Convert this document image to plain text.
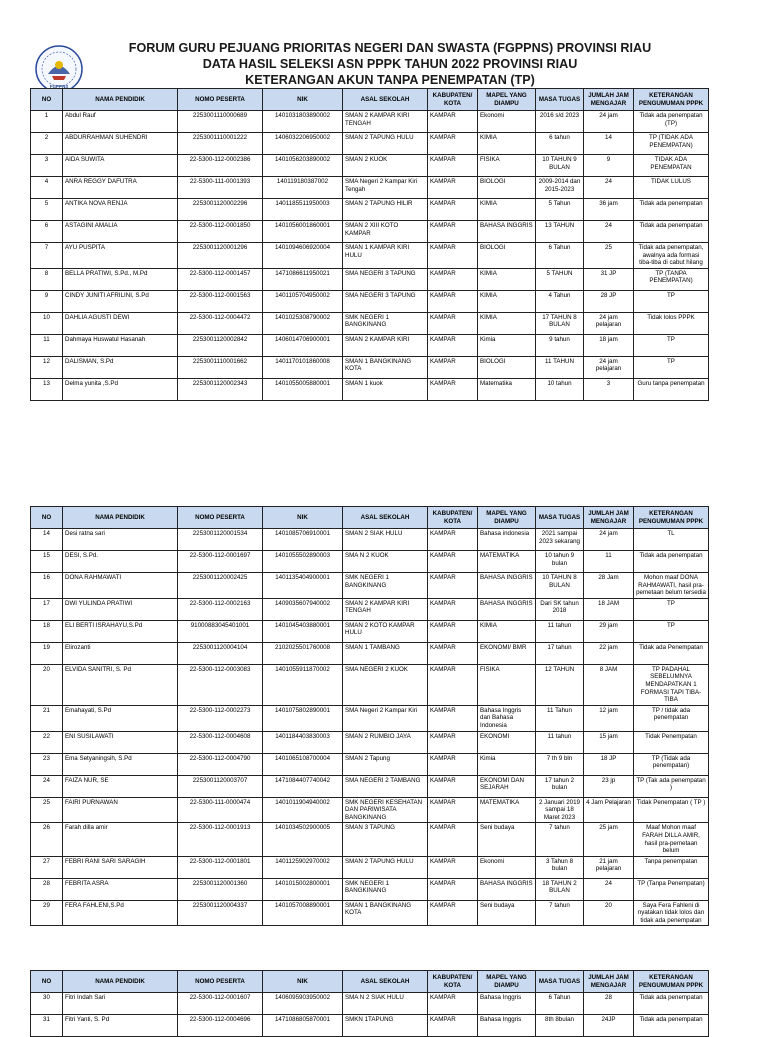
FGPPNS
FORUM GURU PEJUANG PRIORITAS NEGERI DAN SWASTA (FGPPNS) PROVINSI RIAU
DATA HASIL SELEKSI ASN PPPK TAHUN 2022 PROVINSI RIAU
KETERANGAN AKUN TANPA PENEMPATAN (TP)
NO	NAMA PENDIDIK	NOMO PESERTA	NIK	ASAL SEKOLAH	KABUPATEN/ KOTA	MAPEL YANG DIAMPU	MASA TUGAS	JUMLAH JAM MENGAJAR	KETERANGAN PENGUMUMAN PPPK
1	Abdul Rauf	2253001110000689	1401031803890002	SMAN 2 KAMPAR KIRI TENGAH	KAMPAR	Ekonomi	2016 s/d 2023	24 jam	Tidak ada penempatan (TP)
2	ABDURRAHMAN SUHENDRI	2253001110001222	1406032206950002	SMAN 2 TAPUNG HULU	KAMPAR	KIMIA	6 tahun	14	TP (TIDAK ADA PENEMPATAN)
3	AIDA SUWITA	22-5300-112-0002386	1401056203890002	SMAN 2 KUOK	KAMPAR	FISIKA	10 TAHUN 9 BULAN	9	TIDAK ADA PENEMPATAN
4	ANRA REGGY DAFUTRA	22-5300-111-0001393	140119180387002	SMA Negeri 2 Kampar Kiri Tengah	KAMPAR	BIOLOGI	2009-2014 dan 2015-2023	24	TIDAK LULUS
5	ANTIKA NOVA RENJA	2253001120002296	1401185511950003	SMAN 2 TAPUNG HILIR	KAMPAR	KIMIA	5 Tahun	36 jam	Tidak ada penempatan
6	ASTAGINI AMALIA	22-5300-112-0001850	1401056001860001	SMAN 2 XIII KOTO KAMPAR	KAMPAR	BAHASA INGGRIS	13 TAHUN	24	Tidak ada penempatan
7	AYU PUSPITA	2253001120001296	1401094606920004	SMAN 1 KAMPAR KIRI HULU	KAMPAR	BIOLOGI	6 Tahun	25	Tidak ada penempatan, awalnya ada formasi tiba-tiba di cabut hilang
8	BELLA PRATIWI, S.Pd., M.Pd	22-5300-112-0001457	1471086611950021	SMA NEGERI 3 TAPUNG	KAMPAR	KIMIA	5 TAHUN	31 JP	TP (TANPA PENEMPATAN)
9	CINDY JUNITI AFRILINI, S.Pd	22-5300-112-0001563	1401105704950002	SMA NEGERI 3 TAPUNG	KAMPAR	KIMIA	4 Tahun	28 JP	TP
10	DAHLIA AGUSTI DEWI	22-5300-112-0004472	1401025308790002	SMK NEGERI 1 BANGKINANG	KAMPAR	KIMIA	17 TAHUN 8 BULAN	24 jam pelajaran	Tidak lolos PPPK
11	Dahmaya Huswatul Hasanah	2253001120002842	1406014706900001	SMAN 2 KAMPAR KIRI	KAMPAR	Kimia	9 tahun	18 jam	TP
12	DALISMAN, S.Pd	2253001110001662	1401170101860008	SMAN 1 BANGKINANG KOTA	KAMPAR	BIOLOGI	11 TAHUN	24 jam pelajaran	TP
13	Delma yunita ,S.Pd	2253001120002343	1401055005880001	SMAN 1 kuok	KAMPAR	Matematika	10 tahun	3	Guru tanpa penempatan
NO	NAMA PENDIDIK	NOMO PESERTA	NIK	ASAL SEKOLAH	KABUPATEN/ KOTA	MAPEL YANG DIAMPU	MASA TUGAS	JUMLAH JAM MENGAJAR	KETERANGAN PENGUMUMAN PPPK
14	Desi ratna sari	2253001120001534	1401085706910001	SMAN 2 SIAK HULU	KAMPAR	Bahasa indonesia	2021 sampai 2023 sekarang	24 jam	TL
15	DESI, S.Pd.	22-5300-112-0001697	1401055502890003	SMA N 2 KUOK	KAMPAR	MATEMATIKA	10 tahun 9 bulan	11	Tidak ada penempatan
16	DONA RAHMAWATI	2253001120002425	1401135404900001	SMK NEGERI 1 BANGKINANG	KAMPAR	BAHASA INGGRIS	10 TAHUN 8 BULAN	28 Jam	Mohon maaf DONA RAHMAWATI, hasil pra-pemetaan belum tersedia
17	DWI YULINDA PRATIWI	22-5300-112-0002163	1409035607940002	SMAN 2 KAMPAR KIRI TENGAH	KAMPAR	BAHASA INGGRIS	Dari SK tahun 2018	18 JAM	TP
18	ELI BERTI ISRAHAYU,S.Pd	9100088304540100​1	1401045403880001	SMAN 2 KOTO KAMPAR HULU	KAMPAR	KIMIA	11 tahun	29 jam	TP
19	Elirozanti	2253001120004104	2102025501760008	SMAN 1 TAMBANG	KAMPAR	EKONOMI/ BMR	17 tahun	22 jam	Tidak ada Penempatan
20	ELVIDA SANITRI, S. Pd	22-5300-112-0003083	1401055911870002	SMA NEGERI 2 KUOK	KAMPAR	FISIKA	12 TAHUN	8 JAM	TP PADAHAL SEBELUMNYA MENDAPATKAN 1 FORMASI TAPI TIBA-TIBA
21	Emahayati, S.Pd	22-5300-112-0002273	1401075802890001	SMA Negeri 2 Kampar Kiri	KAMPAR	Bahasa Inggris dan Bahasa Indonesia	11 Tahun	12 jam	TP / tidak ada penempatan
22	ENI SUSILAWATI	22-5300-112-0004608	1401184403830003	SMAN 2 RUMBIO JAYA	KAMPAR	EKONOMI	11 tahun	15 jam	Tidak Penempatan
23	Ema Setyaningsih, S.Pd	22-5300-112-0004790	1401065108700004	SMAN 2 Tapung	KAMPAR	Kimia	7 th 9 bln	18 JP	TP (Tidak ada penempatan)
24	FAIZA NUR, SE	2253001120003707	1471084407740042	SMA NEGERI 2 TAMBANG	KAMPAR	EKONOMI DAN SEJARAH	17 tahun 2 bulan	23 jp	TP (Tak ada penempatan )
25	FAIRI PURNAWAN	22-5300-111-0000474	1401011904940002	SMK NEGERI KESEHATAN DAN PARIWISATA BANGKINANG	KAMPAR	MATEMATIKA	2 Januari 2019 sampai 18 Maret 2023	4 Jam Pelajaran	Tidak Penempatan ( TP )
26	Farah dilla amir	22-5300-112-0001913	1401034502900005	SMAN 3 TAPUNG	KAMPAR	Seni budaya	7 tahun	25 jam	Maaf Mohon maaf FARAH DILLA AMIR, hasil pra-pemetaan belum
27	FEBRI RANI SARI SARAGIH	22-5300-112-0001801	1401125902970002	SMAN 2 TAPUNG HULU	KAMPAR	Ekonomi	3 Tahun 8 bulan	21 jam pelajaran	Tanpa penempatan
28	FEBRITA ASRA	2253001120001360	1401015002800001	SMK NEGERI 1 BANGKINANG	KAMPAR	BAHASA INGGRIS	18 TAHUN 2 BULAN	24	TP (Tanpa Penempatan)
29	FERA FAHLENI,S.Pd	2253001120004337	1401057008890001	SMAN 1 BANGKINANG KOTA	KAMPAR	Seni budaya	7 tahun	20	Saya Fera Fahleni di nyatakan tidak lolos dan tidak ada penempatan
NO	NAMA PENDIDIK	NOMO PESERTA	NIK	ASAL SEKOLAH	KABUPATEN/ KOTA	MAPEL YANG DIAMPU	MASA TUGAS	JUMLAH JAM MENGAJAR	KETERANGAN PENGUMUMAN PPPK
30	Fitri Indah Sari	22-5300-112-0001607	1406095903950002	SMA N 2 SIAK HULU	KAMPAR	Bahasa Inggris	6 Tahun	28	Tidak ada penempatan
31	Fitri Yanti, S. Pd	22-5300-112-0004696	1471086805870001	SMKN 1TAPUNG	KAMPAR	Bahasa Inggris	8th 8bulan	24JP	Tidak ada penempatan
